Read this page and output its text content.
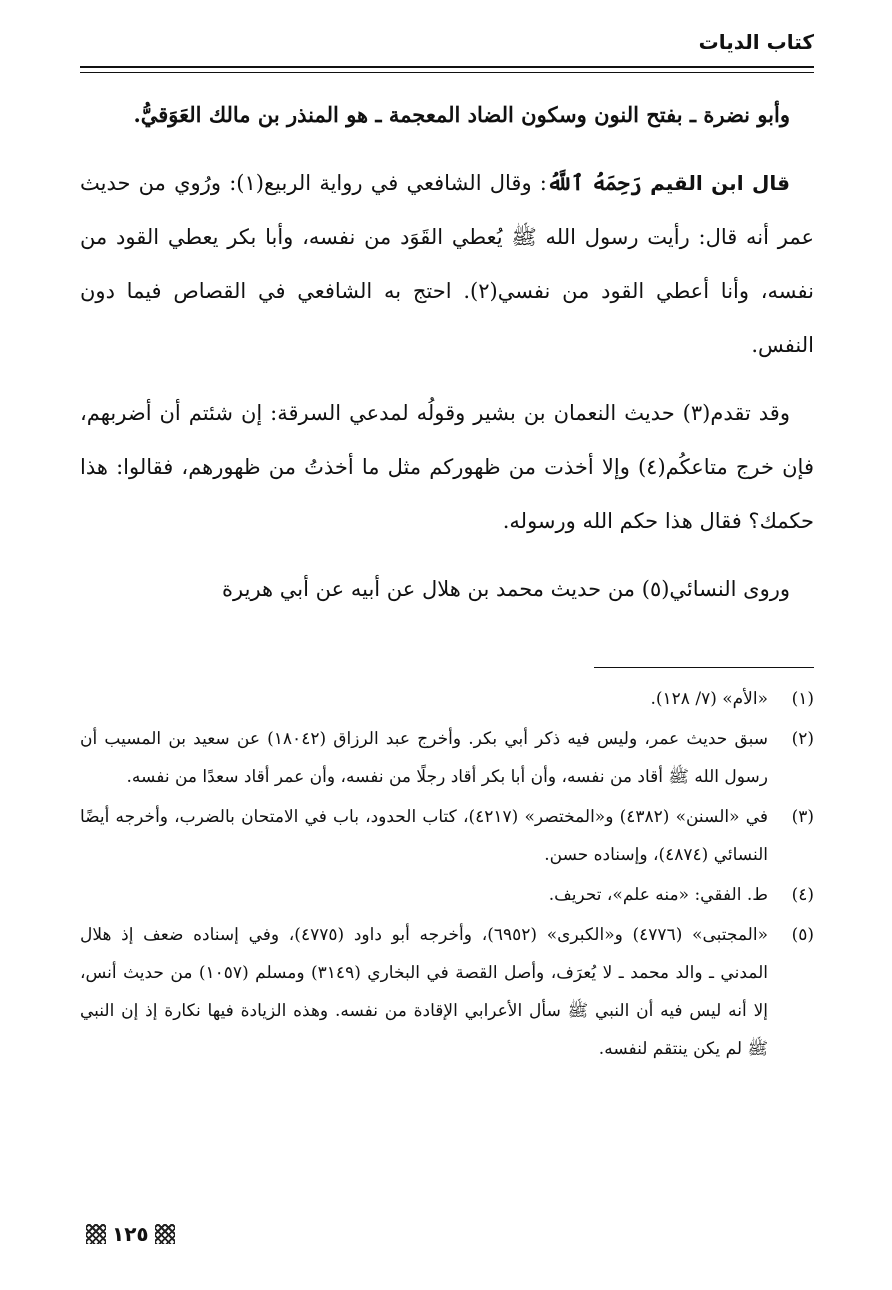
كتاب الديات

وأبو نضرة ـ بفتح النون وسكون الضاد المعجمة ـ هو المنذر بن مالك العَوَقيُّ.

قال ابن القيم رَحِمَهُ ٱللَّهُ: وقال الشافعي في رواية الربيع(١): ورُوي من حديث عمر أنه قال: رأيت رسول الله ﷺ يُعطي القَوَد من نفسه، وأبا بكر يعطي القود من نفسه، وأنا أعطي القود من نفسي(٢). احتج به الشافعي في القصاص فيما دون النفس.

وقد تقدم(٣) حديث النعمان بن بشير وقولُه لمدعي السرقة: إن شئتم أن أضربهم، فإن خرج متاعكُم(٤) وإلا أخذت من ظهوركم مثل ما أخذتُ من ظهورهم، فقالوا: هذا حكمك؟ فقال هذا حكم الله ورسوله.

وروى النسائي(٥) من حديث محمد بن هلال عن أبيه عن أبي هريرة

(١)
«الأم» (٧/ ١٢٨).
(٢)
سبق حديث عمر، وليس فيه ذكر أبي بكر. وأخرج عبد الرزاق (١٨٠٤٢) عن سعيد بن المسيب أن رسول الله ﷺ أقاد من نفسه، وأن أبا بكر أقاد رجلًا من نفسه، وأن عمر أقاد سعدًا من نفسه.
(٣)
في «السنن» (٤٣٨٢) و«المختصر» (٤٢١٧)، كتاب الحدود، باب في الامتحان بالضرب، وأخرجه أيضًا النسائي (٤٨٧٤)، وإسناده حسن.
(٤)
ط. الفقي: «منه علم»، تحريف.
(٥)
«المجتبى» (٤٧٧٦) و«الكبرى» (٦٩٥٢)، وأخرجه أبو داود (٤٧٧٥)، وفي إسناده ضعف إذ هلال المدني ـ والد محمد ـ لا يُعرَف، وأصل القصة في البخاري (٣١٤٩) ومسلم (١٠٥٧) من حديث أنس، إلا أنه ليس فيه أن النبي ﷺ سأل الأعرابي الإقادة من نفسه. وهذه الزيادة فيها نكارة إذ إن النبي ﷺ لم يكن ينتقم لنفسه.
١٢٥
